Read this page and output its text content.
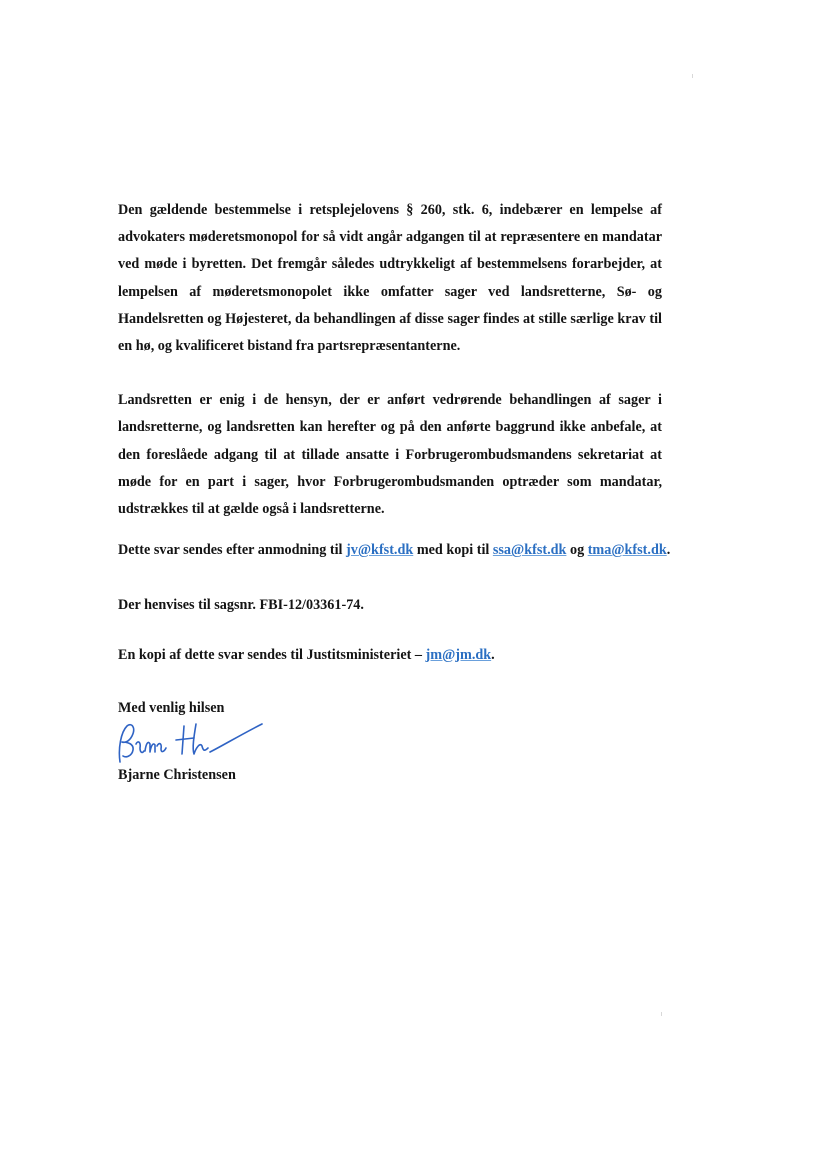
Den gældende bestemmelse i retsplejelovens § 260, stk. 6, indebærer en lempelse af advokaters møderetsmonopol for så vidt angår adgangen til at repræsentere en mandatar ved møde i byretten. Det fremgår således udtrykkeligt af bestemmelsens forarbejder, at lempelsen af møderetsmonopolet ikke omfatter sager ved landsretterne, Sø- og Handelsretten og Højesteret, da behandlingen af disse sager findes at stille særlige krav til en hø, og kvalificeret bistand fra partsrepræsentanterne.

Landsretten er enig i de hensyn, der er anført vedrørende behandlingen af sager i landsretterne, og landsretten kan herefter og på den anførte baggrund ikke anbefale, at den foreslåede adgang til at tillade ansatte i Forbrugerombudsmandens sekretariat at møde for en part i sager, hvor Forbrugerombudsmanden optræder som mandatar, udstrækkes til at gælde også i landsretterne.

Dette svar sendes efter anmodning til jv@kfst.dk med kopi til ssa@kfst.dk og tma@kfst.dk.

Der henvises til sagsnr. FBI-12/03361-74.

En kopi af dette svar sendes til Justitsministeriet – jm@jm.dk.

Med venlig hilsen

Bjarne Christensen
